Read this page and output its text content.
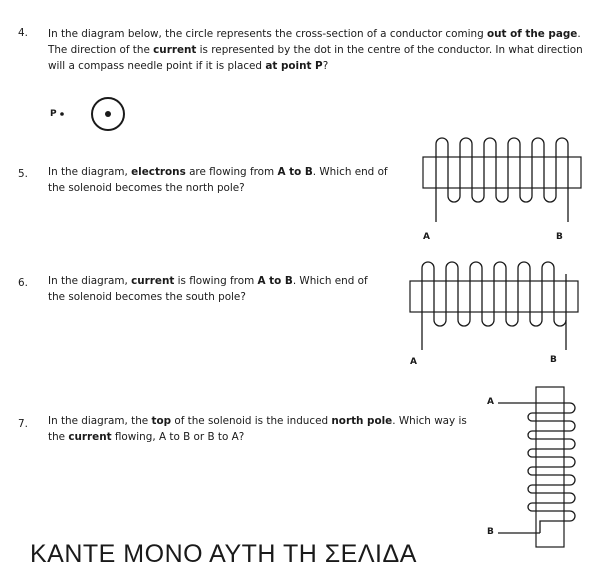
4. In the diagram below, the circle represents the cross-section of a conductor coming out of the page. The direction of the current is represented by the dot in the centre of the conductor. In what direction will a compass needle point if it is placed at point P?
P
5. In the diagram, electrons are flowing from A to B. Which end of the solenoid becomes the north pole?
A	B
6. In the diagram, current is flowing from A to B. Which end of the solenoid becomes the south pole?
A	B
7. In the diagram, the top of the solenoid is the induced north pole. Which way is the current flowing, A to B or B to A?
A
B
ΚΑΝΤΕ ΜΟΝΟ ΑΥΤΗ ΤΗ ΣΕΛΙΔΑ
